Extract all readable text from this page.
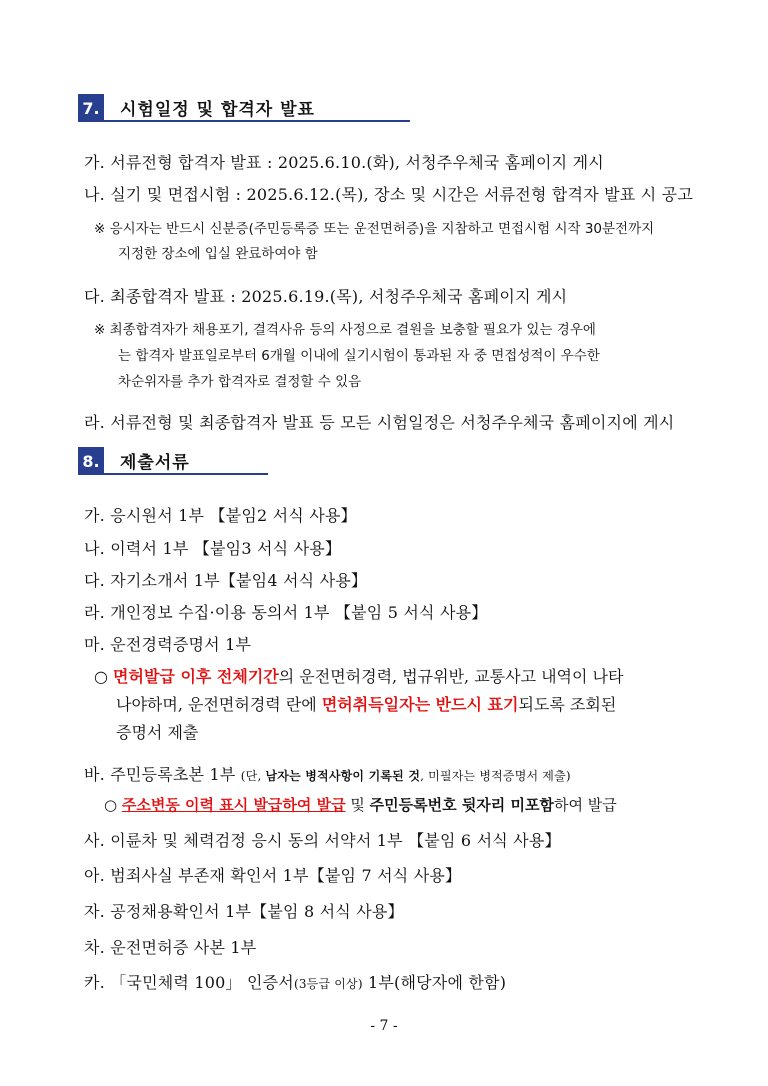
7.	시험일정 및 합격자 발표
가. 서류전형 합격자 발표 : 2025.6.10.(화), 서청주우체국 홈페이지 게시
나. 실기 및 면접시험 : 2025.6.12.(목), 장소 및 시간은 서류전형 합격자 발표 시 공고
※ 응시자는 반드시 신분증(주민등록증 또는 운전면허증)을 지참하고 면접시험 시작 30분전까지
지정한 장소에 입실 완료하여야 함
다. 최종합격자 발표 : 2025.6.19.(목), 서청주우체국 홈페이지 게시
※ 최종합격자가 채용포기, 결격사유 등의 사정으로 결원을 보충할 필요가 있는 경우에
는 합격자 발표일로부터 6개월 이내에 실기시험이 통과된 자 중 면접성적이 우수한
차순위자를 추가 합격자로 결정할 수 있음
라. 서류전형 및 최종합격자 발표 등 모든 시험일정은 서청주우체국 홈페이지에 게시
8.	제출서류
가. 응시원서 1부 【붙임2 서식 사용】
나. 이력서 1부 【붙임3 서식 사용】
다. 자기소개서 1부【붙임4 서식 사용】
라. 개인정보 수집·이용 동의서 1부 【붙임 5 서식 사용】
마. 운전경력증명서 1부
○ 면허발급 이후 전체기간의 운전면허경력, 법규위반, 교통사고 내역이 나타
나야하며, 운전면허경력 란에 면허취득일자는 반드시 표기되도록 조회된
증명서 제출
바. 주민등록초본 1부 (단, 남자는 병적사항이 기록된 것, 미필자는 병적증명서 제출)
○ 주소변동 이력 표시 발급하여 발급 및 주민등록번호 뒷자리 미포함하여 발급
사. 이륜차 및 체력검정 응시 동의 서약서 1부 【붙임 6 서식 사용】
아. 범죄사실 부존재 확인서 1부【붙임 7 서식 사용】
자. 공정채용확인서 1부【붙임 8 서식 사용】
차. 운전면허증 사본 1부
카. 「국민체력 100」 인증서(3등급 이상) 1부(해당자에 한함)
- 7 -
